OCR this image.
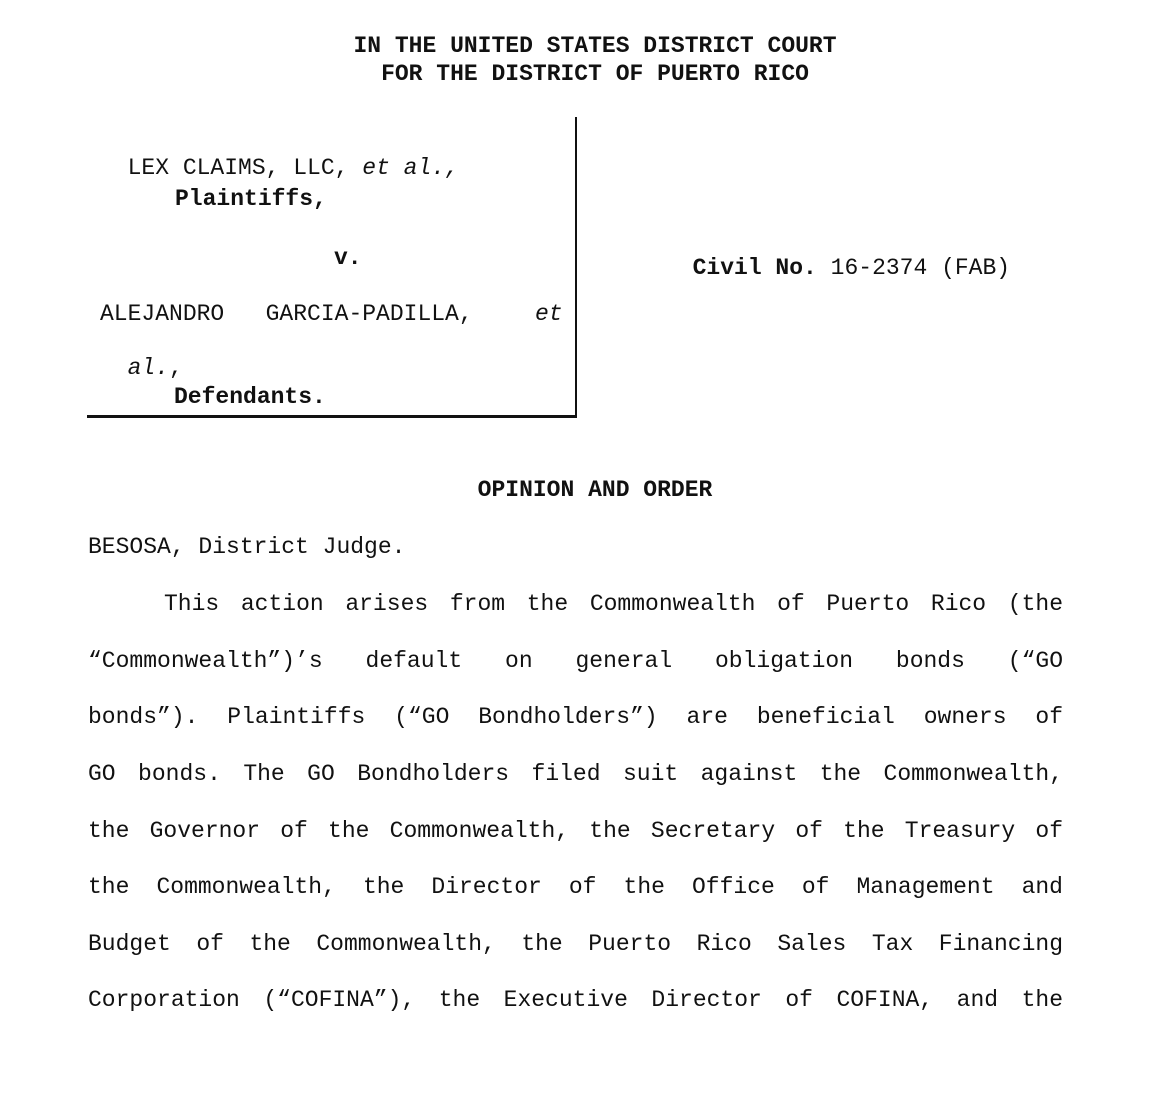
IN THE UNITED STATES DISTRICT COURT
FOR THE DISTRICT OF PUERTO RICO

LEX CLAIMS, LLC, et al.,

Plaintiffs,
v.
ALEJANDRO   GARCIA-PADILLA,	et

al.,

Defendants.

Civil No. 16-2374 (FAB)

OPINION AND ORDER
BESOSA, District Judge.
This action arises from the Commonwealth of Puerto Rico (the
“Commonwealth”)’s default on general obligation bonds (“GO
bonds”). Plaintiffs (“GO Bondholders”) are beneficial owners of
GO bonds. The GO Bondholders filed suit against the Commonwealth,
the Governor of the Commonwealth, the Secretary of the Treasury of
the Commonwealth, the Director of the Office of Management and
Budget of the Commonwealth, the Puerto Rico Sales Tax Financing
Corporation (“COFINA”), the Executive Director of COFINA, and the
